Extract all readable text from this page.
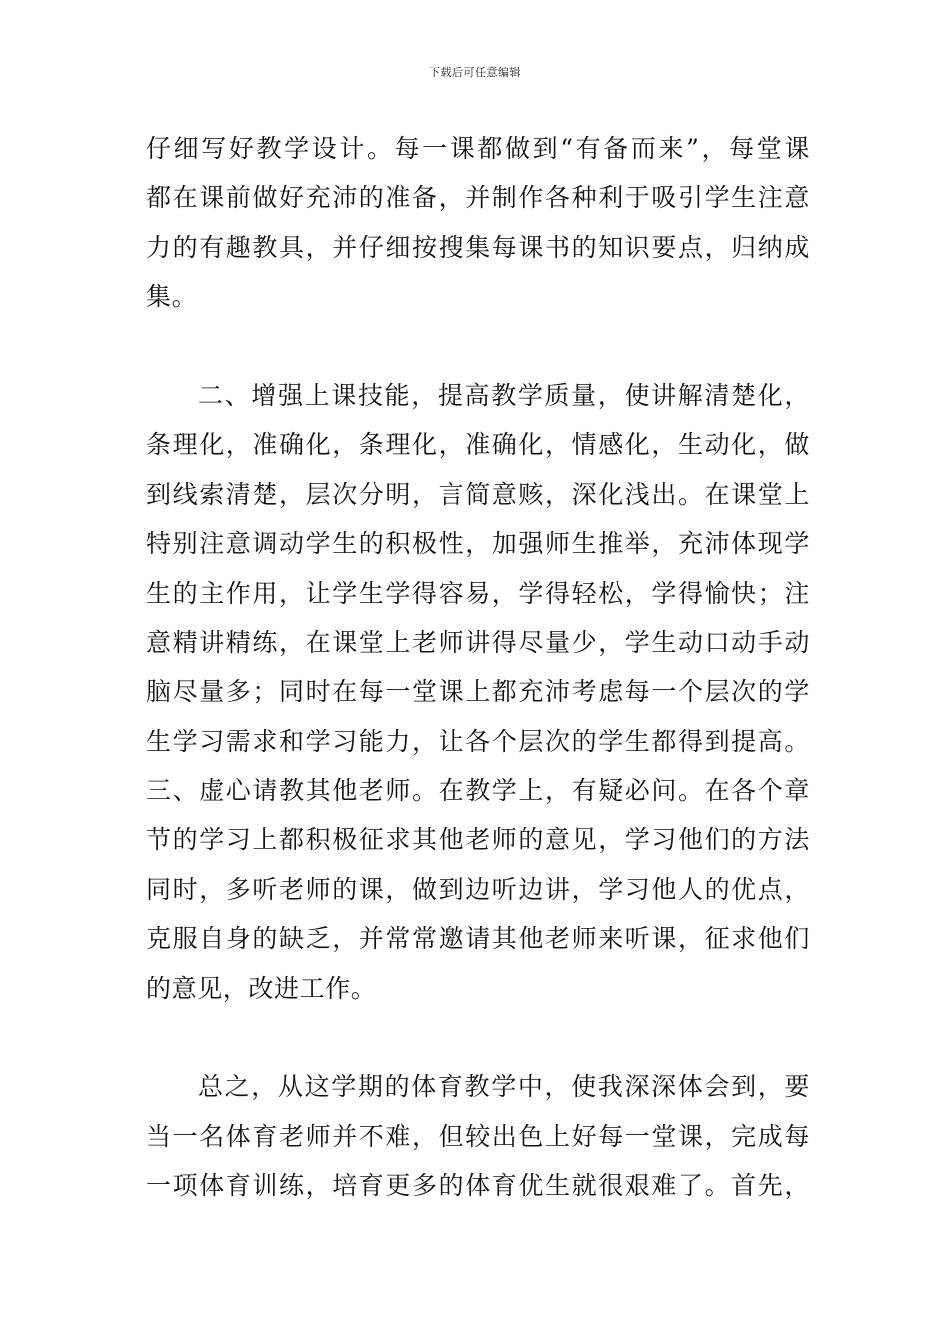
下载后可任意编辑
仔细写好教学设计。每一课都做到“有备而来”，每堂课
都在课前做好充沛的准备，并制作各种利于吸引学生注意
力的有趣教具，并仔细按搜集每课书的知识要点，归纳成
集。
二、增强上课技能，提高教学质量，使讲解清楚化，
条理化，准确化，条理化，准确化，情感化，生动化，做
到线索清楚，层次分明，言简意赅，深化浅出。在课堂上
特别注意调动学生的积极性，加强师生推举，充沛体现学
生的主作用，让学生学得容易，学得轻松，学得愉快；注
意精讲精练，在课堂上老师讲得尽量少，学生动口动手动
脑尽量多；同时在每一堂课上都充沛考虑每一个层次的学
生学习需求和学习能力，让各个层次的学生都得到提高。
三、虚心请教其他老师。在教学上，有疑必问。在各个章
节的学习上都积极征求其他老师的意见，学习他们的方法
同时，多听老师的课，做到边听边讲，学习他人的优点，
克服自身的缺乏，并常常邀请其他老师来听课，征求他们
的意见，改进工作。
总之，从这学期的体育教学中，使我深深体会到，要
当一名体育老师并不难，但较出色上好每一堂课，完成每
一项体育训练，培育更多的体育优生就很艰难了。首先，
